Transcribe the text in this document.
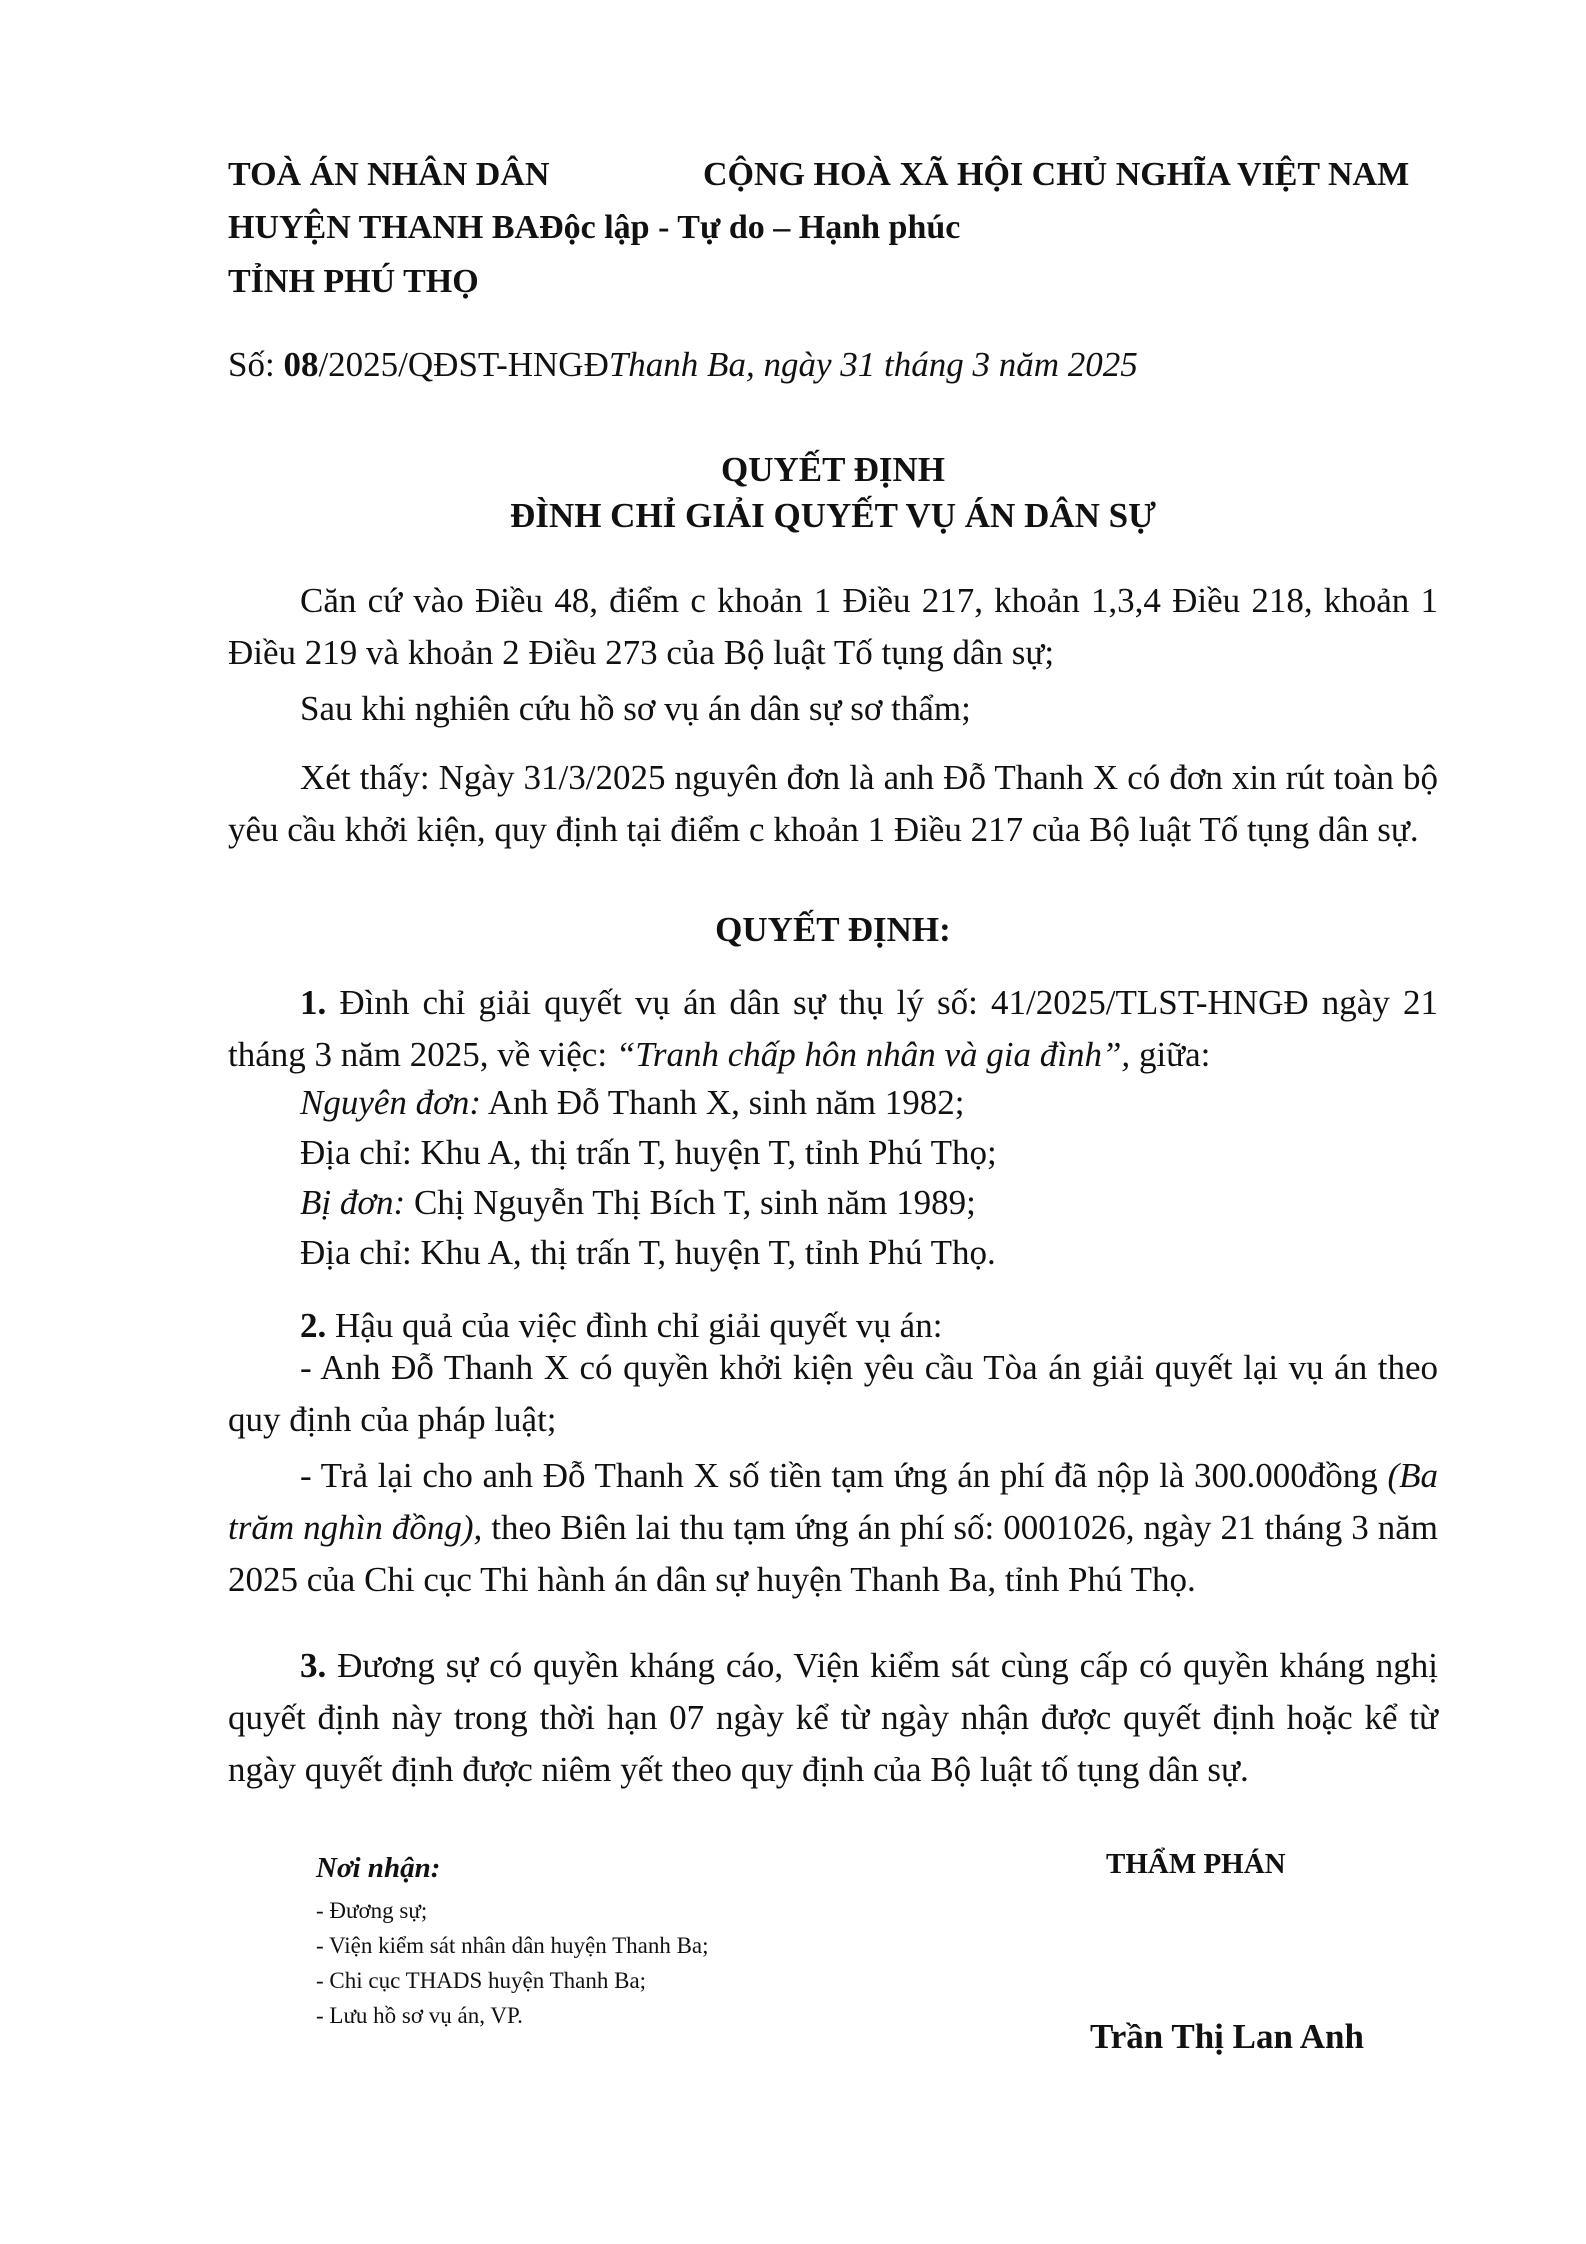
TOÀ ÁN NHÂN DÂN	CỘNG HOÀ XÃ HỘI CHỦ NGHĨA VIỆT NAM
HUYỆN THANH BAĐộc lập - Tự do – Hạnh phúc
TỈNH PHÚ THỌ
Số: 08/2025/QĐST-HNGĐThanh Ba, ngày 31 tháng 3 năm 2025
QUYẾT ĐỊNH
ĐÌNH CHỈ GIẢI QUYẾT VỤ ÁN DÂN SỰ
Căn cứ vào Điều 48, điểm c khoản 1 Điều 217, khoản 1,3,4 Điều 218, khoản 1 Điều 219 và khoản 2 Điều 273 của Bộ luật Tố tụng dân sự;
Sau khi nghiên cứu hồ sơ vụ án dân sự sơ thẩm;
Xét thấy: Ngày 31/3/2025 nguyên đơn là anh Đỗ Thanh X có đơn xin rút toàn bộ yêu cầu khởi kiện, quy định tại điểm c khoản 1 Điều 217 của Bộ luật Tố tụng dân sự.
QUYẾT ĐỊNH:
1. Đình chỉ giải quyết vụ án dân sự thụ lý số: 41/2025/TLST-HNGĐ ngày 21 tháng 3 năm 2025, về việc: “Tranh chấp hôn nhân và gia đình”, giữa:
Nguyên đơn: Anh Đỗ Thanh X, sinh năm 1982;
Địa chỉ: Khu A, thị trấn T, huyện T, tỉnh Phú Thọ;
Bị đơn: Chị Nguyễn Thị Bích T, sinh năm 1989;
Địa chỉ: Khu A, thị trấn T, huyện T, tỉnh Phú Thọ.
2. Hậu quả của việc đình chỉ giải quyết vụ án:
- Anh Đỗ Thanh X có quyền khởi kiện yêu cầu Tòa án giải quyết lại vụ án theo quy định của pháp luật;
- Trả lại cho anh Đỗ Thanh X số tiền tạm ứng án phí đã nộp là 300.000đồng (Ba trăm nghìn đồng), theo Biên lai thu tạm ứng án phí số: 0001026, ngày 21 tháng 3 năm 2025 của Chi cục Thi hành án dân sự huyện Thanh Ba, tỉnh Phú Thọ.
3. Đương sự có quyền kháng cáo, Viện kiểm sát cùng cấp có quyền kháng nghị quyết định này trong thời hạn 07 ngày kể từ ngày nhận được quyết định hoặc kể từ ngày quyết định được niêm yết theo quy định của Bộ luật tố tụng dân sự.
Nơi nhận:
- Đương sự;
- Viện kiểm sát nhân dân huyện Thanh Ba;
- Chi cục THADS huyện Thanh Ba;
- Lưu hồ sơ vụ án, VP.
THẨM PHÁN
Trần Thị Lan Anh
